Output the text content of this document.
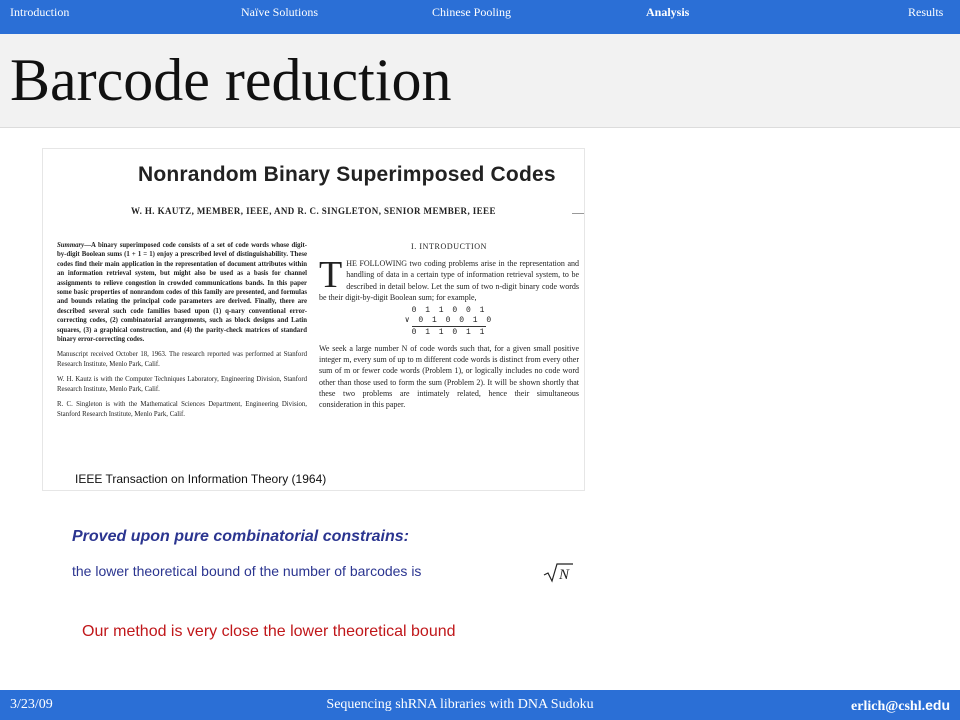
Introduction	Naïve Solutions	Chinese Pooling	Analysis	Results
Barcode reduction
Nonrandom Binary Superimposed Codes
W. H. KAUTZ, MEMBER, IEEE, AND R. C. SINGLETON, SENIOR MEMBER, IEEE

Summary—A binary superimposed code consists of a set of code words whose digit-by-digit Boolean sums (1 + 1 = 1) enjoy a prescribed level of distinguishability. These codes find their main application in the representation of document attributes within an information retrieval system, but might also be used as a basis for channel assignments to relieve congestion in crowded communications bands. In this paper some basic properties of nonrandom codes of this family are presented, and formulas and bounds relating the principal code parameters are derived. Finally, there are described several such code families based upon (1) q-nary conventional error-correcting codes, (2) combinatorial arrangements, such as block designs and Latin squares, (3) a graphical construction, and (4) the parity-check matrices of standard binary error-correcting codes.

Manuscript received October 18, 1963. The research reported was performed at Stanford Research Institute, Menlo Park, Calif.

W. H. Kautz is with the Computer Techniques Laboratory, Engineering Division, Stanford Research Institute, Menlo Park, Calif.

R. C. Singleton is with the Mathematical Sciences Department, Engineering Division, Stanford Research Institute, Menlo Park, Calif.

I. INTRODUCTION

THE FOLLOWING two coding problems arise in the representation and handling of data in a certain type of information retrieval system, to be described in detail below. Let the sum of two n-digit binary code words be their digit-by-digit Boolean sum; for example,

0 1 1 0 0 1
∨ 0 1 0 0 1 0
0 1 1 0 1 1

We seek a large number N of code words such that, for a given small positive integer m, every sum of up to m different code words is distinct from every other sum of m or fewer code words (Problem 1), or logically includes no code word other than those used to form the sum (Problem 2). It will be shown shortly that these two problems are intimately related, hence their simultaneous consideration in this paper.

IEEE Transaction on Information Theory (1964)
Proved upon pure combinatorial constrains:
the lower theoretical bound of the number of barcodes is	N
Our method is very close the lower theoretical bound
3/23/09	Sequencing shRNA libraries with DNA Sudoku	erlich@cshl.edu
